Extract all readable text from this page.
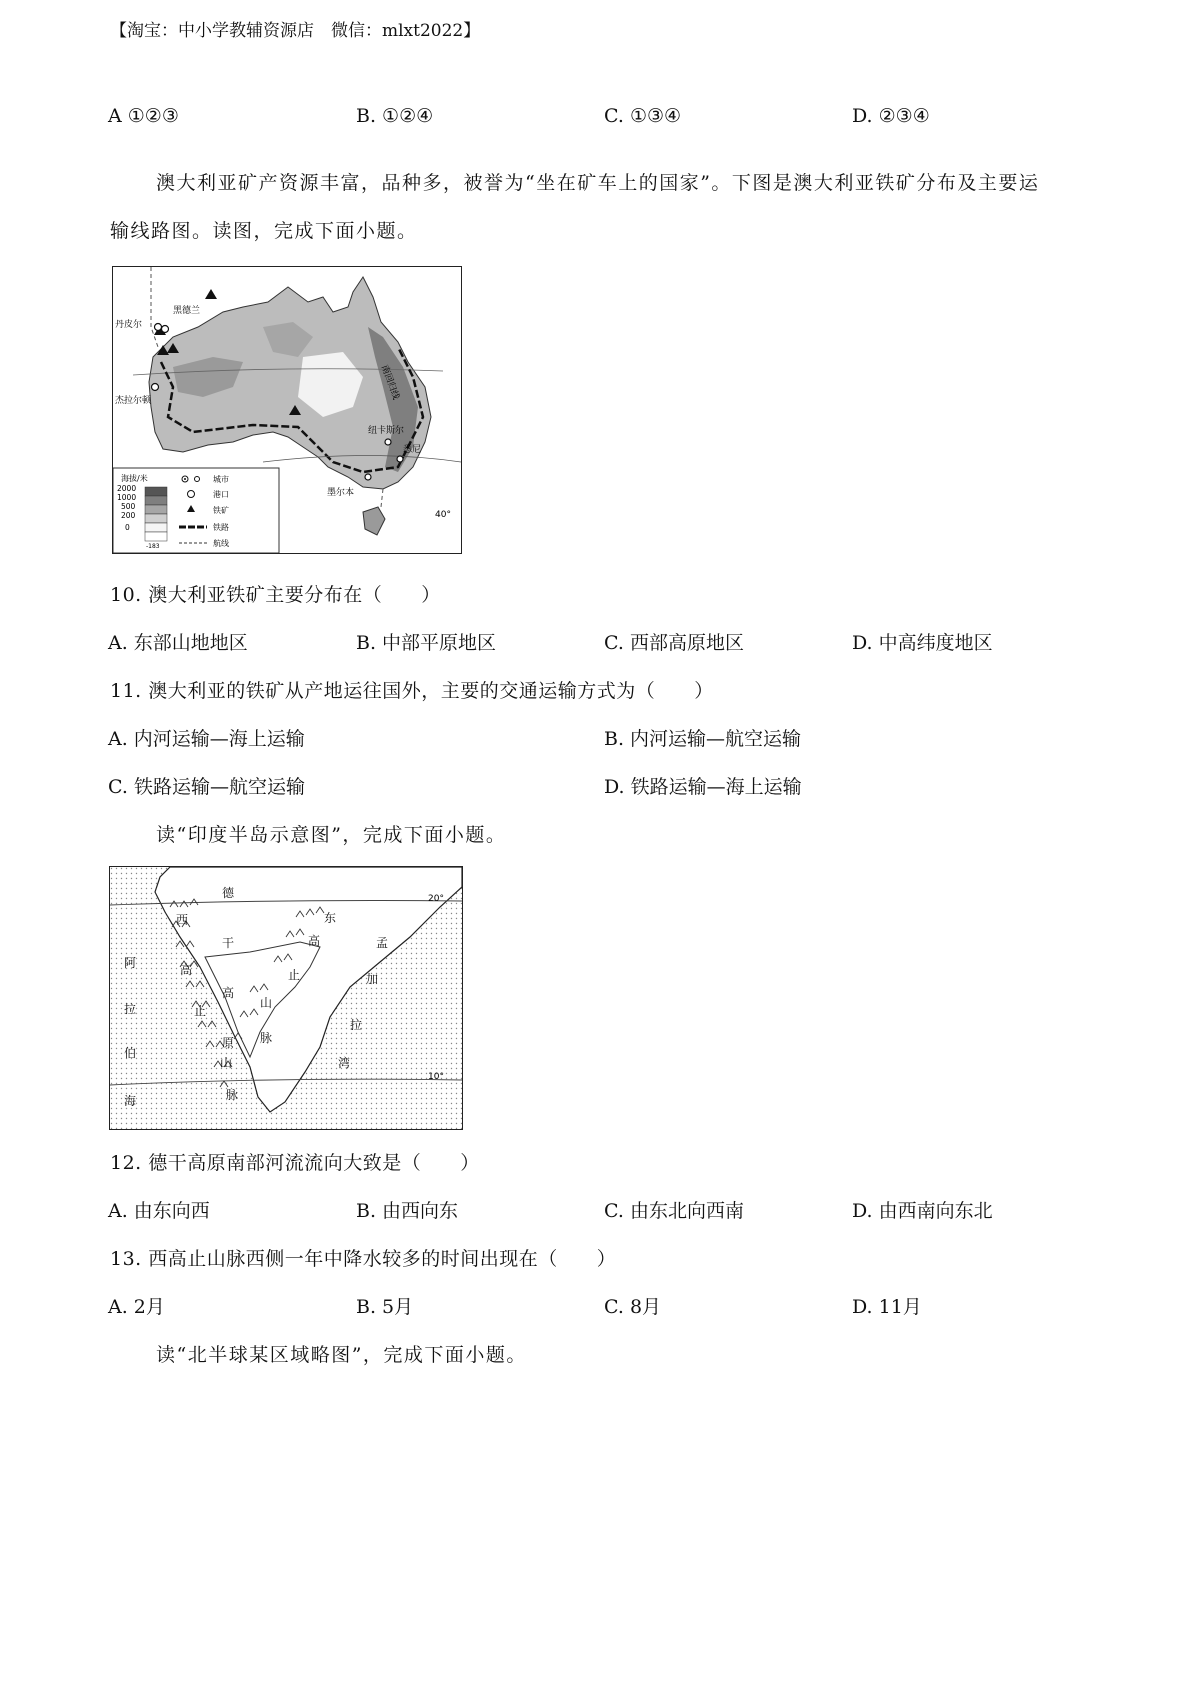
【淘宝：中小学教辅资源店　微信：mlxt2022】
A ①②③	B. ①②④	C. ①③④	D. ②③④
澳大利亚矿产资源丰富，品种多，被誉为“坐在矿车上的国家”。下图是澳大利亚铁矿分布及主要运
输线路图。读图，完成下面小题。
黑德兰
丹皮尔
杰拉尔顿	南回归线
纽卡斯尔
悉尼
墨尔本
40°
海拔/米
2000
1000
500
200
0
-183
城市
港口
铁矿
铁路
航线
10. 澳大利亚铁矿主要分布在（　　）
A. 东部山地地区	B. 中部平原地区	C. 西部高原地区	D. 中高纬度地区
11. 澳大利亚的铁矿从产地运往国外，主要的交通运输方式为（　　）
A. 内河运输—海上运输	B. 内河运输—航空运输
C. 铁路运输—航空运输	D. 铁路运输—海上运输
读“印度半岛示意图”，完成下面小题。
德
干
高
原
西
高
止
山
脉
东
高
止
山
脉
阿
拉
伯
海
孟
加
拉
湾
20°
10°
12. 德干高原南部河流流向大致是（　　）
A. 由东向西	B. 由西向东	C. 由东北向西南	D. 由西南向东北
13. 西高止山脉西侧一年中降水较多的时间出现在（　　）
A. 2月	B. 5月	C. 8月	D. 11月
读“北半球某区域略图”，完成下面小题。
